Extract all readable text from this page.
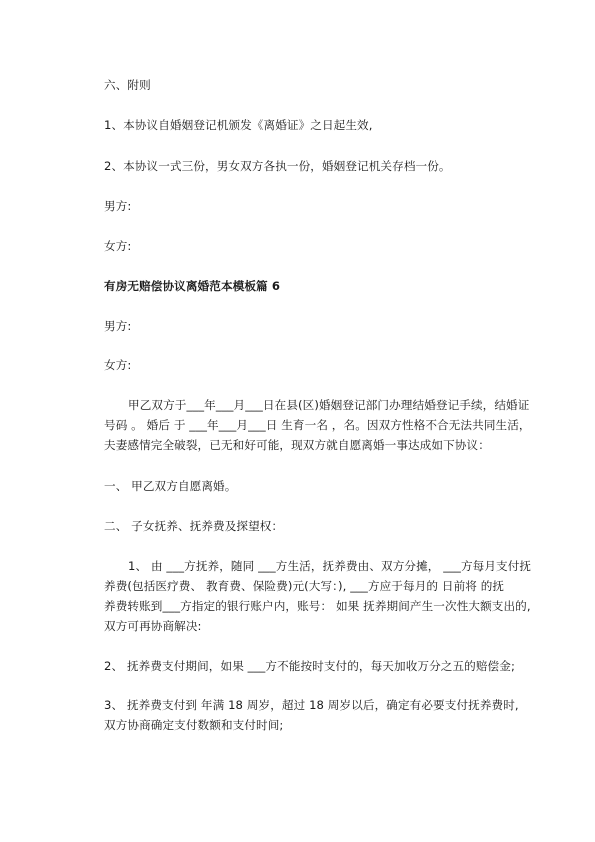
六、附则
1、本协议自婚姻登记机颁发《离婚证》之日起生效,
2、本协议一式三份，男女双方各执一份，婚姻登记机关存档一份。
男方:
女方:
有房无赔偿协议离婚范本模板篇 6
男方:
女方:
甲乙双方于___年___月___日在县(区)婚姻登记部门办理结婚登记手续，结婚证
号码 。 婚后 于 ___年___月___日 生育一名 ，名。因双方性格不合无法共同生活，
夫妻感情完全破裂，已无和好可能，现双方就自愿离婚一事达成如下协议：
一、 甲乙双方自愿离婚。
二、 子女抚养、抚养费及探望权：
1、 由 ___方抚养，随同 ___方生活，抚养费由、双方分摊， ___方每月支付抚
养费(包括医疗费、 教育费、保险费)元(大写：), ___方应于每月的 日前将 的抚
养费转账到___方指定的银行账户内，账号： 如果 抚养期间产生一次性大额支出的,
双方可再协商解决:
2、 抚养费支付期间，如果 ___方不能按时支付的，每天加收万分之五的赔偿金;
3、 抚养费支付到 年满 18 周岁，超过 18 周岁以后，确定有必要支付抚养费时,
双方协商确定支付数额和支付时间;
